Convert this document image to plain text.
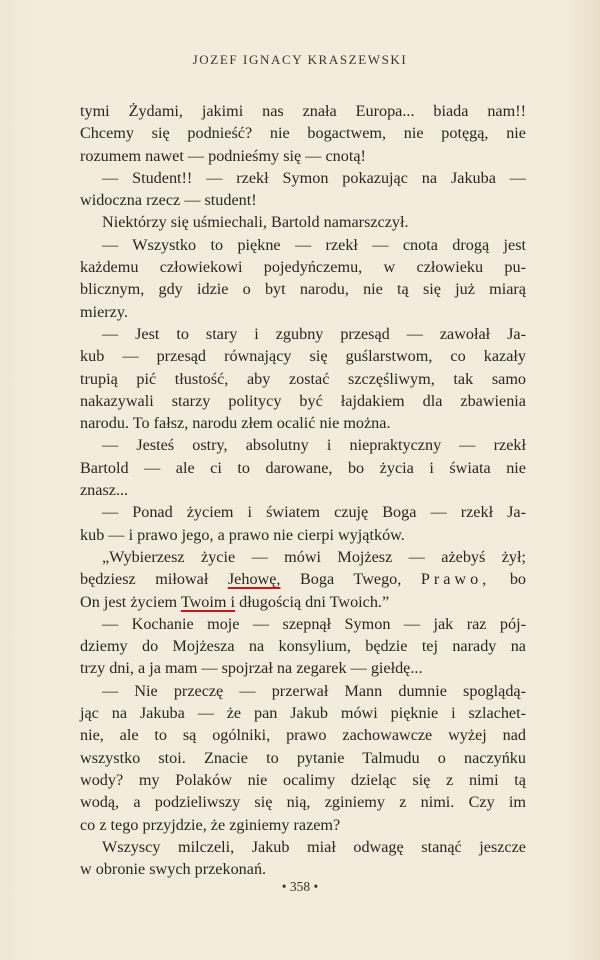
JOZEF IGNACY KRASZEWSKI
tymi Żydami, jakimi nas znała Europa... biada nam!!
Chcemy się podnieść? nie bogactwem, nie potęgą, nie
rozumem nawet — podnieśmy się — cnotą!
— Student!! — rzekł Symon pokazując na Jakuba —
widoczna rzecz — student!
Niektórzy się uśmiechali, Bartold namarszczył.
— Wszystko to piękne — rzekł — cnota drogą jest
każdemu człowiekowi pojedyńczemu, w człowieku pu-
blicznym, gdy idzie o byt narodu, nie tą się już miarą
mierzy.
— Jest to stary i zgubny przesąd — zawołał Ja-
kub — przesąd równający się guślarstwom, co kazały
trupią pić tłustość, aby zostać szczęśliwym, tak samo
nakazywali starzy politycy być łajdakiem dla zbawienia
narodu. To fałsz, narodu złem ocalić nie można.
— Jesteś ostry, absolutny i niepraktyczny — rzekł
Bartold — ale ci to darowane, bo życia i świata nie
znasz...
— Ponad życiem i światem czuję Boga — rzekł Ja-
kub — i prawo jego, a prawo nie cierpi wyjątków.
„Wybierzesz życie — mówi Mojżesz — ażebyś żył;
będziesz miłował Jehowę, Boga Twego, Prawo, bo
On jest życiem Twoim i długością dni Twoich.”
— Kochanie moje — szepnął Symon — jak raz pój-
dziemy do Mojżesza na konsylium, będzie tej narady na
trzy dni, a ja mam — spojrzał na zegarek — giełdę...
— Nie przeczę — przerwał Mann dumnie spoglądą-
jąc na Jakuba — że pan Jakub mówi pięknie i szlachet-
nie, ale to są ogólniki, prawo zachowawcze wyżej nad
wszystko stoi. Znacie to pytanie Talmudu o naczyńku
wody? my Polaków nie ocalimy dzieląc się z nimi tą
wodą, a podzieliwszy się nią, zginiemy z nimi. Czy im
co z tego przyjdzie, że zginiemy razem?
Wszyscy milczeli, Jakub miał odwagę stanąć jeszcze
w obronie swych przekonań.
• 358 •
